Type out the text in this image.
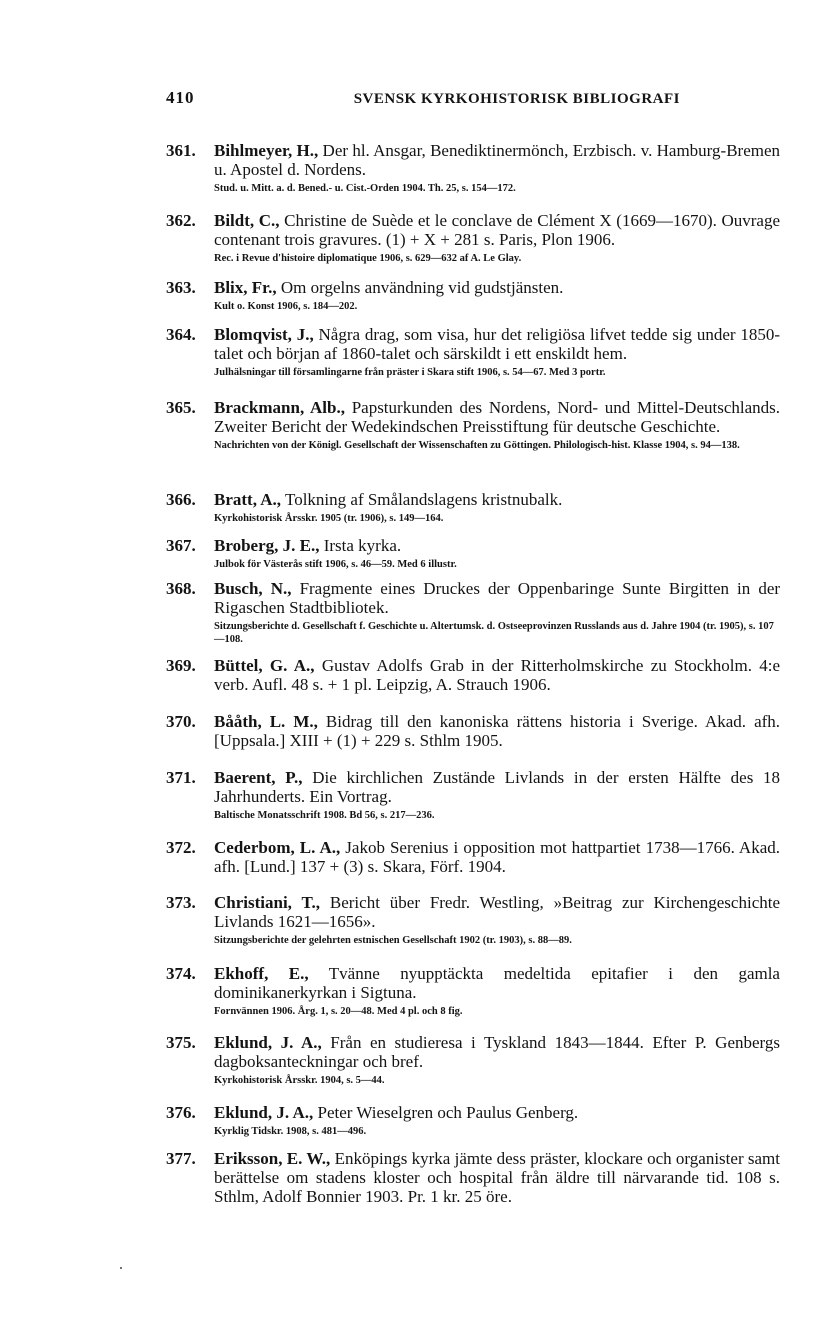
410	SVENSK KYRKOHISTORISK BIBLIOGRAFI
361. Bihlmeyer, H., Der hl. Ansgar, Benediktinermönch, Erzbisch. v. Hamburg-Bremen u. Apostel d. Nordens.

Stud. u. Mitt. a. d. Bened.- u. Cist.-Orden 1904. Th. 25, s. 154—172.

362. Bildt, C., Christine de Suède et le conclave de Clément X (1669—1670). Ouvrage contenant trois gravures. (1) + X + 281 s. Paris, Plon 1906.

Rec. i Revue d'histoire diplomatique 1906, s. 629—632 af A. Le Glay.

363. Blix, Fr., Om orgelns användning vid gudstjänsten.

Kult o. Konst 1906, s. 184—202.

364. Blomqvist, J., Några drag, som visa, hur det religiösa lifvet tedde sig under 1850-talet och början af 1860-talet och särskildt i ett enskildt hem.

Julhälsningar till församlingarne från präster i Skara stift 1906, s. 54—67. Med 3 portr.

365. Brackmann, Alb., Papsturkunden des Nordens, Nord- und Mittel-Deutschlands. Zweiter Bericht der Wedekindschen Preisstiftung für deutsche Geschichte.

Nachrichten von der Königl. Gesellschaft der Wissenschaften zu Göttingen. Philologisch-hist. Klasse 1904, s. 94—138.

366. Bratt, A., Tolkning af Smålandslagens kristnubalk.

Kyrkohistorisk Årsskr. 1905 (tr. 1906), s. 149—164.

367. Broberg, J. E., Irsta kyrka.

Julbok för Västerås stift 1906, s. 46—59. Med 6 illustr.

368. Busch, N., Fragmente eines Druckes der Oppenbaringe Sunte Birgitten in der Rigaschen Stadtbibliotek.

Sitzungsberichte d. Gesellschaft f. Geschichte u. Altertumsk. d. Ostseeprovinzen Russlands aus d. Jahre 1904 (tr. 1905), s. 107—108.

369. Büttel, G. A., Gustav Adolfs Grab in der Ritterholmskirche zu Stockholm. 4:e verb. Aufl. 48 s. + 1 pl. Leipzig, A. Strauch 1906.

370. Bååth, L. M., Bidrag till den kanoniska rättens historia i Sverige. Akad. afh. [Uppsala.] XIII + (1) + 229 s. Sthlm 1905.

371. Baerent, P., Die kirchlichen Zustände Livlands in der ersten Hälfte des 18 Jahrhunderts. Ein Vortrag.

Baltische Monatsschrift 1908. Bd 56, s. 217—236.

372. Cederbom, L. A., Jakob Serenius i opposition mot hattpartiet 1738—1766. Akad. afh. [Lund.] 137 + (3) s. Skara, Förf. 1904.

373. Christiani, T., Bericht über Fredr. Westling, »Beitrag zur Kirchengeschichte Livlands 1621—1656».

Sitzungsberichte der gelehrten estnischen Gesellschaft 1902 (tr. 1903), s. 88—89.

374. Ekhoff, E., Tvänne nyupptäckta medeltida epitafier i den gamla dominikanerkyrkan i Sigtuna.

Fornvännen 1906. Årg. 1, s. 20—48. Med 4 pl. och 8 fig.

375. Eklund, J. A., Från en studieresa i Tyskland 1843—1844. Efter P. Genbergs dagboksanteckningar och bref.

Kyrkohistorisk Årsskr. 1904, s. 5—44.

376. Eklund, J. A., Peter Wieselgren och Paulus Genberg.

Kyrklig Tidskr. 1908, s. 481—496.

377. Eriksson, E. W., Enköpings kyrka jämte dess präster, klockare och organister samt berättelse om stadens kloster och hospital från äldre till närvarande tid. 108 s. Sthlm, Adolf Bonnier 1903. Pr. 1 kr. 25 öre.
